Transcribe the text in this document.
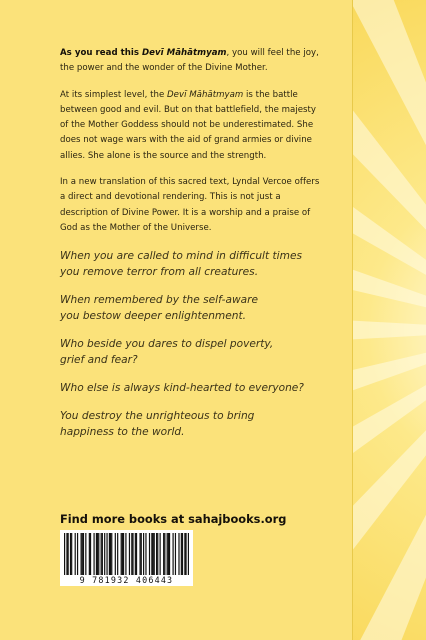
As you read this Devī Māhātmyam, you will feel the joy, the power and the wonder of the Divine Mother.

At its simplest level, the Devī Māhātmyam is the battle between good and evil. But on that battlefield, the majesty of the Mother Goddess should not be underestimated. She does not wage wars with the aid of grand armies or divine allies. She alone is the source and the strength.

In a new translation of this sacred text, Lyndal Vercoe offers a direct and devotional rendering. This is not just a description of Divine Power. It is a worship and a praise of God as the Mother of the Universe.

When you are called to mind in difficult times
you remove terror from all creatures.

When remembered by the self-aware
you bestow deeper enlightenment.

Who beside you dares to dispel poverty,
grief and fear?

Who else is always kind-hearted to everyone?

You destroy the unrighteous to bring
happiness to the world.

Find more books at sahajbooks.org
9 781932 406443
